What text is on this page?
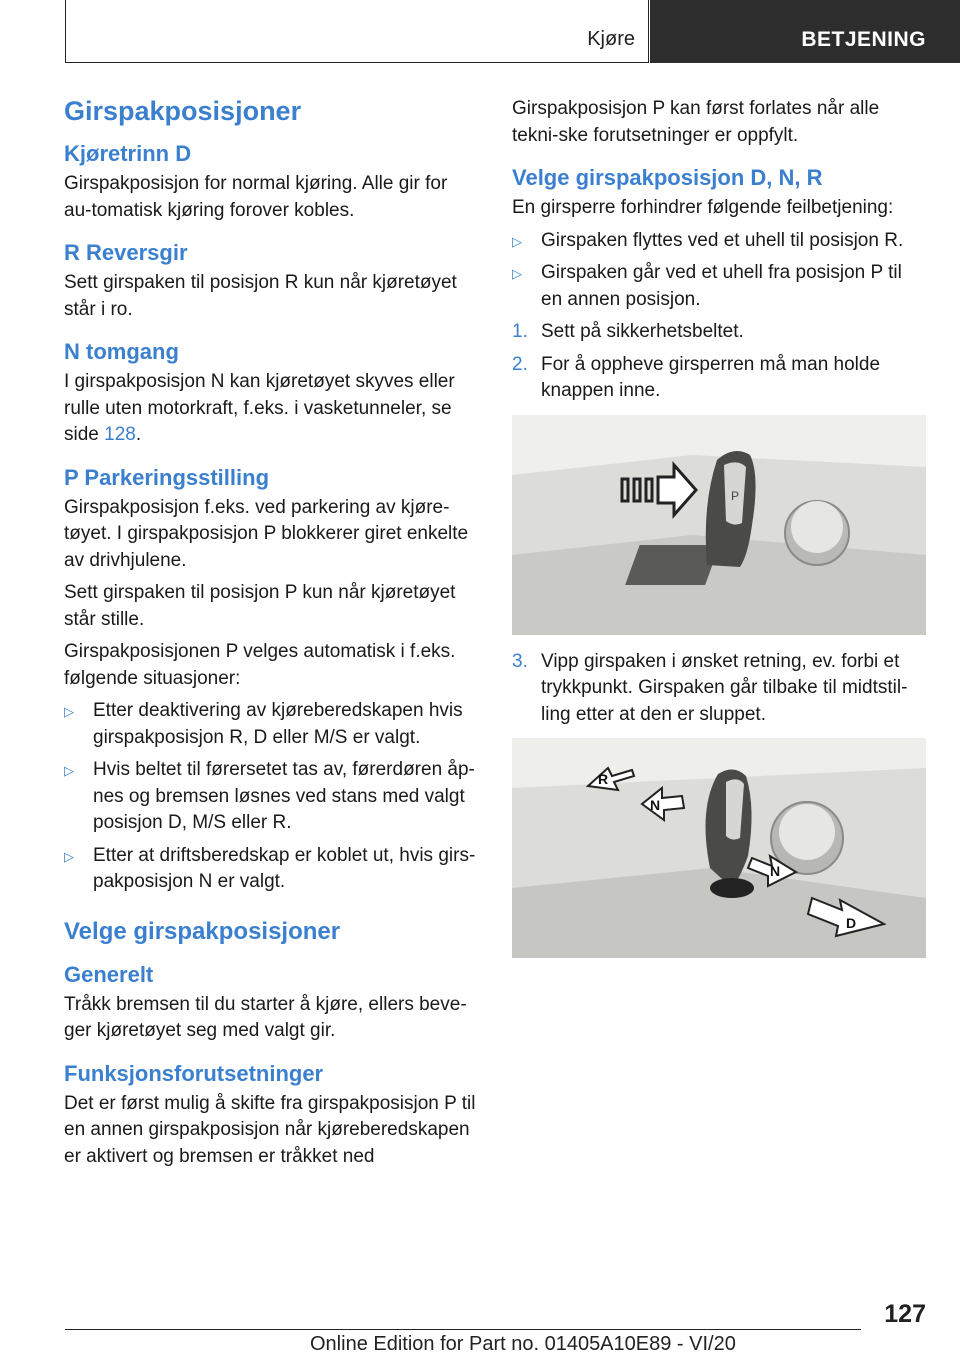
Kjøre	BETJENING
Girspakposisjoner
Kjøretrinn D

Girspakposisjon for normal kjøring. Alle gir for au‐tomatisk kjøring forover kobles.

R Reversgir

Sett girspaken til posisjon R kun når kjøretøyet står i ro.

N tomgang

I girspakposisjon N kan kjøretøyet skyves eller rulle uten motorkraft, f.eks. i vasketunneler, se side 128.

P Parkeringsstilling

Girspakposisjon f.eks. ved parkering av kjøre‐tøyet. I girspakposisjon P blokkerer giret enkelte av drivhjulene.

Sett girspaken til posisjon P kun når kjøretøyet står stille.

Girspakposisjonen P velges automatisk i f.eks. følgende situasjoner:

▷ Etter deaktivering av kjøreberedskapen hvis girspakposisjon R, D eller M/S er valgt.
▷ Hvis beltet til førersetet tas av, førerdøren åp‐nes og bremsen løsnes ved stans med valgt posisjon D, M/S eller R.
▷ Etter at driftsberedskap er koblet ut, hvis girs‐pakposisjon N er valgt.
Velge girspakposisjoner
Generelt

Tråkk bremsen til du starter å kjøre, ellers beve‐ger kjøretøyet seg med valgt gir.

Funksjonsforutsetninger

Det er først mulig å skifte fra girspakposisjon P til en annen girspakposisjon når kjøreberedskapen er aktivert og bremsen er tråkket ned

Girspakposisjon P kan først forlates når alle tekni‐ske forutsetninger er oppfylt.

Velge girspakposisjon D, N, R

En girsperre forhindrer følgende feilbetjening:

▷ Girspaken flyttes ved et uhell til posisjon R.
▷ Girspaken går ved et uhell fra posisjon P til en annen posisjon.
1. Sett på sikkerhetsbeltet.
2. For å oppheve girsperren må man holde knappen inne.
P
3. Vipp girspaken i ønsket retning, ev. forbi et trykkpunkt. Girspaken går tilbake til midtstil‐ling etter at den er sluppet.
R
N
N
D
127
Online Edition for Part no. 01405A10E89 - VI/20
